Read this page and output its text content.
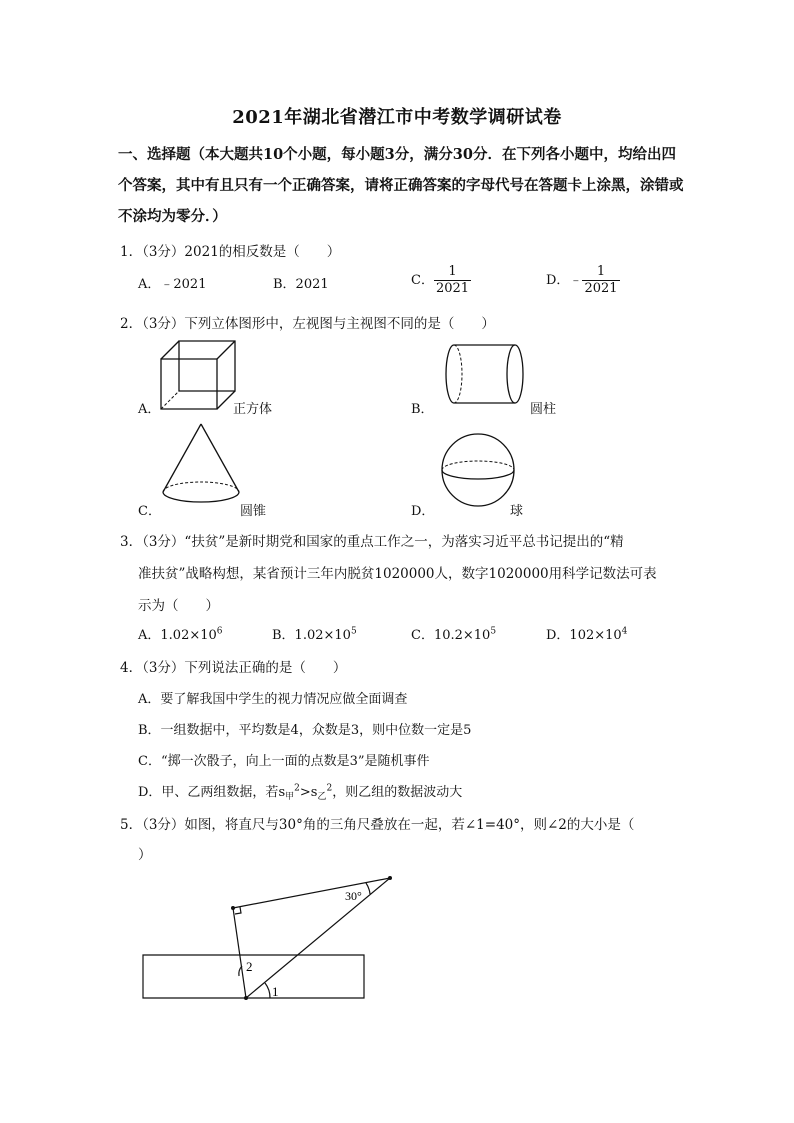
2021年湖北省潜江市中考数学调研试卷
一、选择题（本大题共10个小题，每小题3分，满分30分．在下列各小题中，均给出四
个答案，其中有且只有一个正确答案，请将正确答案的字母代号在答题卡上涂黑，涂错或
不涂均为零分．）
1．（3分）2021的相反数是（　　）
A．﹣2021	B．2021	C． $\frac{1}{2021}$	D．﹣ $\frac{1}{2021}$
2．（3分）下列立体图形中，左视图与主视图不同的是（　　）
A．	正方体	B．	圆柱
C．	圆锥	D．	球
3．（3分）“扶贫”是新时期党和国家的重点工作之一，为落实习近平总书记提出的“精
准扶贫”战略构想，某省预计三年内脱贫1020000人，数字1020000用科学记数法可表
示为（　　）
A．$1.02\times 10^6$	B．$1.02\times 10^5$	C．$10.2\times 10^5$	D．$102\times 10^4$
4．（3分）下列说法正确的是（　　）
A．要了解我国中学生的视力情况应做全面调查
B．一组数据中，平均数是4，众数是3，则中位数一定是5
C．“掷一次骰子，向上一面的点数是3”是随机事件
D．甲、乙两组数据，若$s_甲^2>s_乙^2$，则乙组的数据波动大
5．（3分）如图，将直尺与30°角的三角尺叠放在一起，若∠1=40°，则∠2的大小是（
）
30°
2
1
